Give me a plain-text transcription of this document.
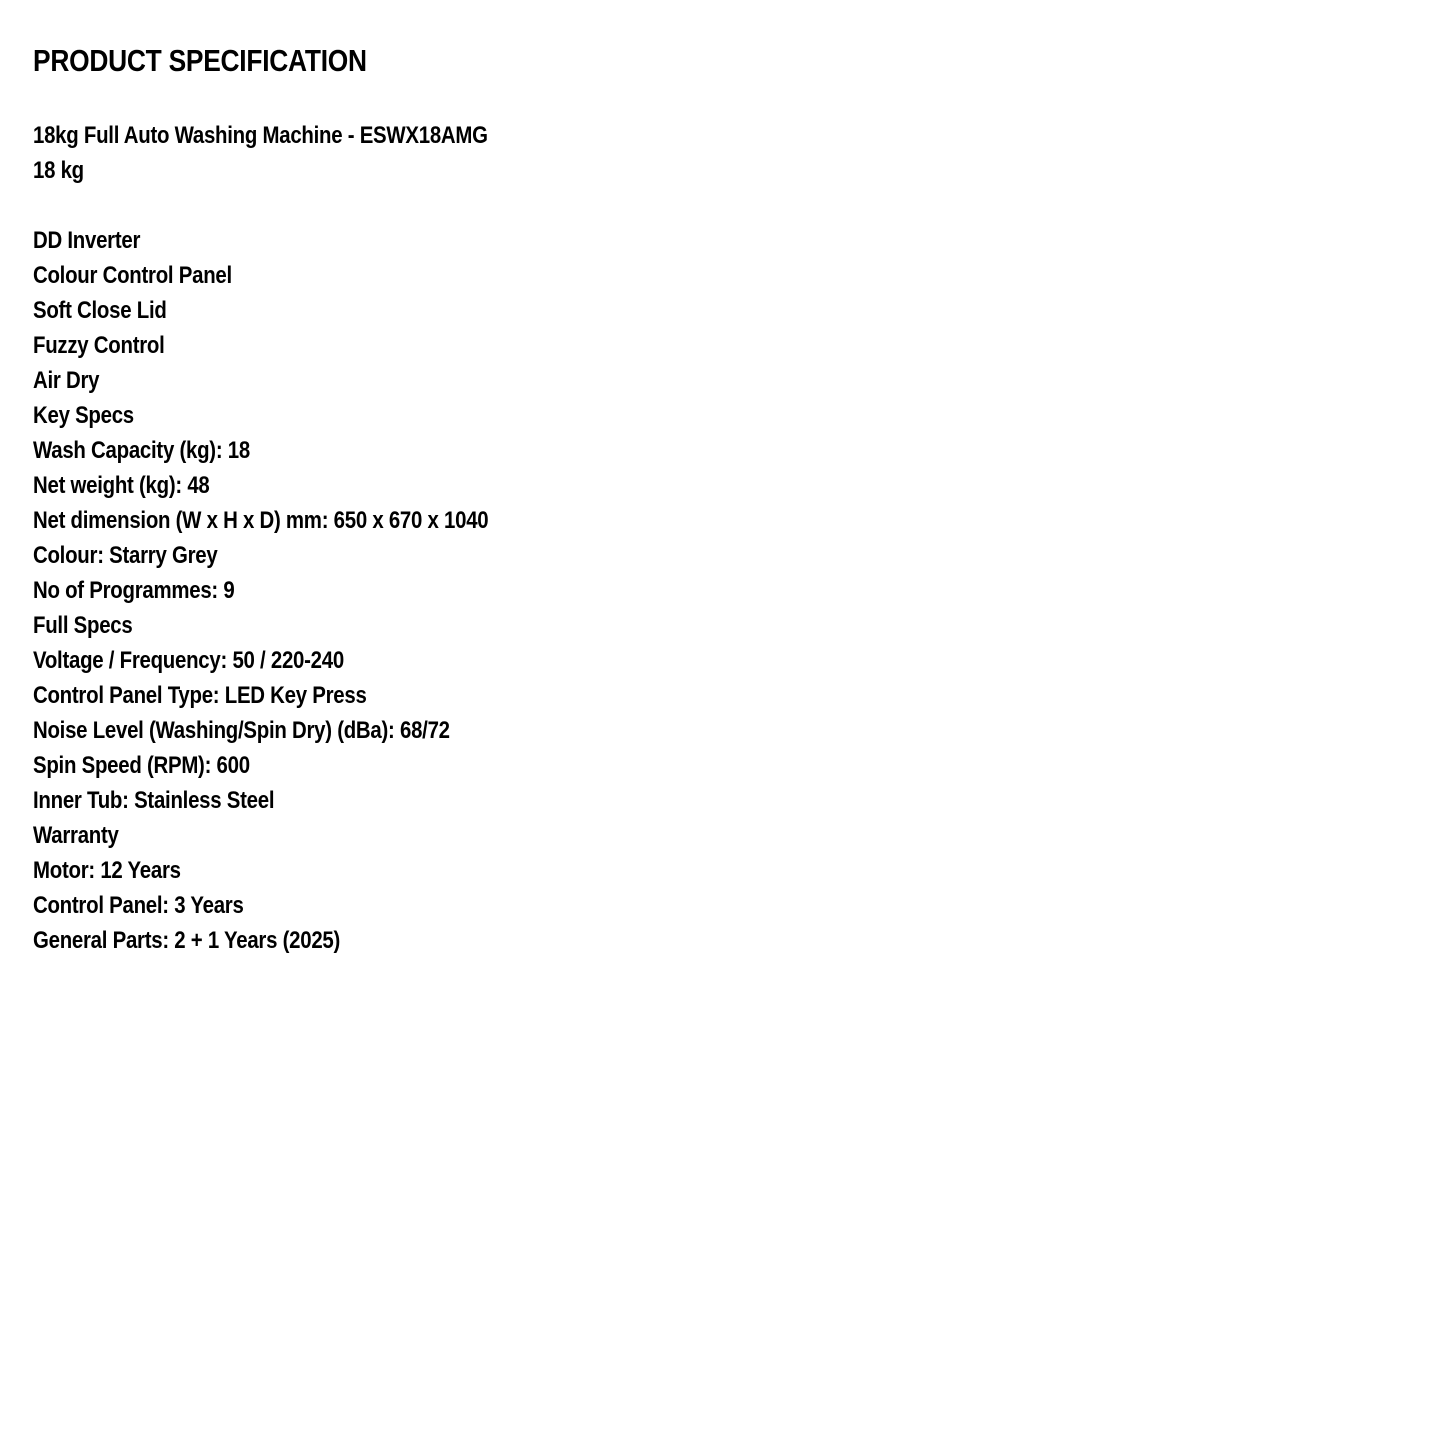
PRODUCT SPECIFICATION
18kg Full Auto Washing Machine - ESWX18AMG
18 kg
DD Inverter
Colour Control Panel
Soft Close Lid
Fuzzy Control
Air Dry
Key Specs
Wash Capacity (kg): 18
Net weight (kg): 48
Net dimension (W x H x D) mm: 650 x 670 x 1040
Colour: Starry Grey
No of Programmes: 9
Full Specs
Voltage / Frequency: 50 / 220-240
Control Panel Type: LED Key Press
Noise Level (Washing/Spin Dry) (dBa): 68/72
Spin Speed (RPM): 600
Inner Tub: Stainless Steel
Warranty
Motor: 12 Years
Control Panel: 3 Years
General Parts: 2 + 1 Years (2025)
